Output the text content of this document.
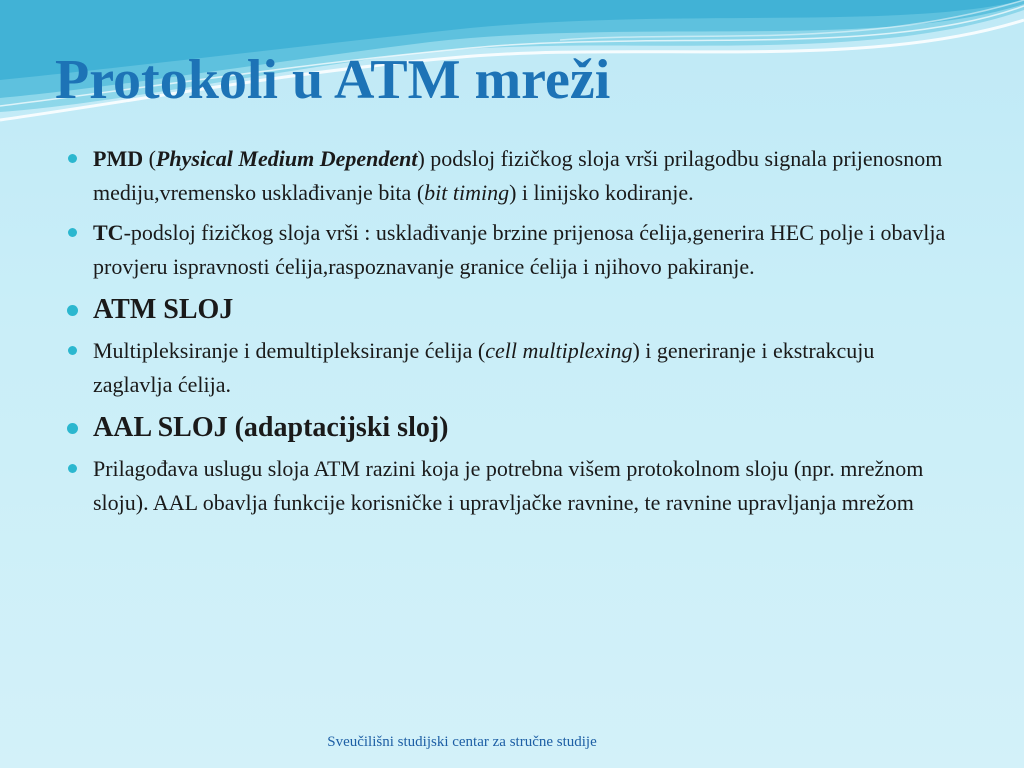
Protokoli u ATM mreži
PMD (Physical Medium Dependent) podsloj fizičkog sloja vrši prilagodbu signala prijenosnom mediju,vremensko usklađivanje bita (bit timing) i linijsko kodiranje.
TC-podsloj fizičkog sloja vrši : usklađivanje brzine prijenosa ćelija,generira HEC polje i obavlja provjeru ispravnosti ćelija,raspoznavanje granice ćelija i njihovo pakiranje.
ATM SLOJ
Multipleksiranje i demultipleksiranje ćelija (cell multiplexing) i generiranje i ekstrakcuju zaglavlja ćelija.
AAL SLOJ (adaptacijski sloj)
Prilagođava uslugu sloja ATM razini koja je potrebna višem protokolnom sloju (npr. mrežnom sloju). AAL obavlja funkcije korisničke i upravljačke ravnine, te ravnine upravljanja mrežom
Sveučilišni studijski centar za stručne studije
